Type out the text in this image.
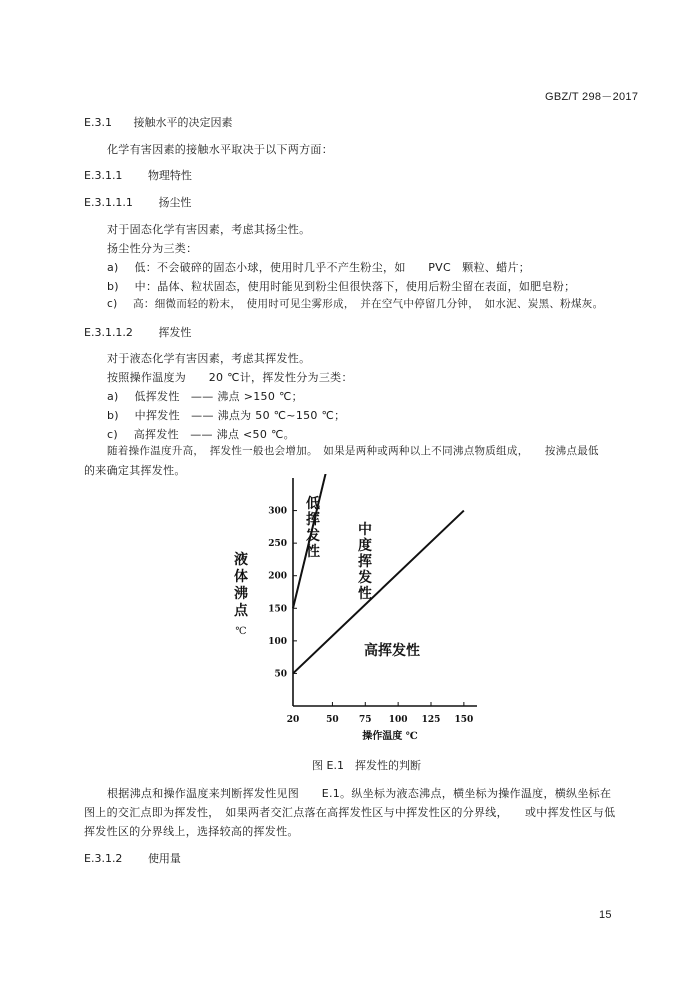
GBZ/T 298－2017
E.3.1 接触水平的决定因素
化学有害因素的接触水平取决于以下两方面：
E.3.1.1 物理特性
E.3.1.1.1 扬尘性
对于固态化学有害因素，考虑其扬尘性。
扬尘性分为三类：
a) 低：不会破碎的固态小球，使用时几乎不产生粉尘，如　　PVC　颗粒、蜡片；
b) 中：晶体、粒状固态，使用时能见到粉尘但很快落下，使用后粉尘留在表面，如肥皂粉；
c) 高：细微而轻的粉末，　使用时可见尘雾形成，　并在空气中停留几分钟，　如水泥、炭黑、粉煤灰。
E.3.1.1.2 挥发性
对于液态化学有害因素，考虑其挥发性。
按照操作温度为　　20 ℃计，挥发性分为三类：
a) 低挥发性　—— 沸点 >150 ℃；
b) 中挥发性　—— 沸点为 50 ℃~150 ℃；
c) 高挥发性　—— 沸点 <50 ℃。
随着操作温度升高，　挥发性一般也会增加。　如果是两种或两种以上不同沸点物质组成，　　按沸点最低
的来确定其挥发性。
20	50 75 100 125 150
50
100
150
200
250
300
操作温度 ℃
液
体
沸
点
℃
低
挥
发
性
中
度
挥
发
性
高挥发性
图 E.1　挥发性的判断
根据沸点和操作温度来判断挥发性见图　　E.1。纵坐标为液态沸点，横坐标为操作温度，横纵坐标在
图上的交汇点即为挥发性，　如果两者交汇点落在高挥发性区与中挥发性区的分界线，　　或中挥发性区与低
挥发性区的分界线上，选择较高的挥发性。
E.3.1.2 使用量
15
